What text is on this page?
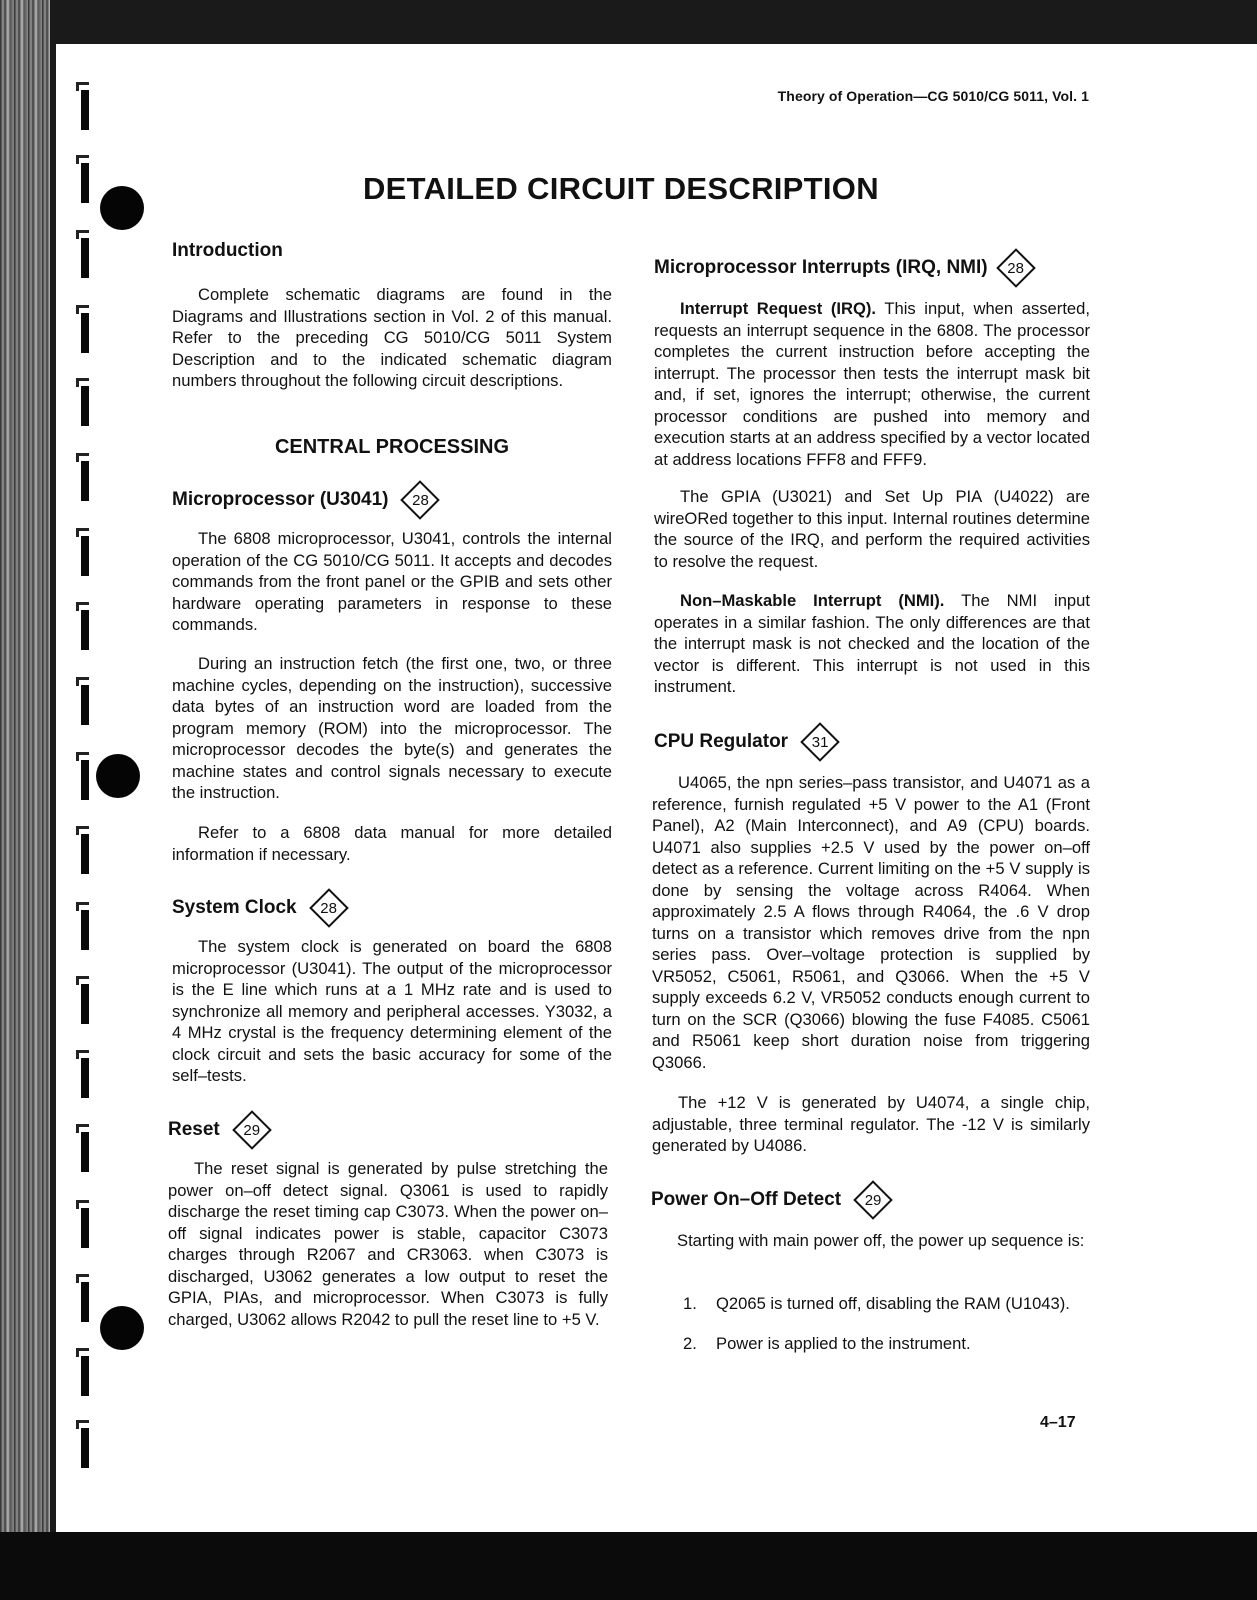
Theory of Operation—CG 5010/CG 5011, Vol. 1
DETAILED CIRCUIT DESCRIPTION
Introduction

Complete schematic diagrams are found in the Diagrams and Illustrations section in Vol. 2 of this manual. Refer to the preceding CG 5010/CG 5011 System Description and to the indicated schematic diagram numbers throughout the following circuit descriptions.

CENTRAL PROCESSING
Microprocessor (U3041)	28

The 6808 microprocessor, U3041, controls the internal operation of the CG 5010/CG 5011. It accepts and decodes commands from the front panel or the GPIB and sets other hardware operating parameters in response to these commands.

During an instruction fetch (the first one, two, or three machine cycles, depending on the instruction), successive data bytes of an instruction word are loaded from the program memory (ROM) into the microprocessor. The microprocessor decodes the byte(s) and generates the machine states and control signals necessary to execute the instruction.

Refer to a 6808 data manual for more detailed information if necessary.

System Clock	28

The system clock is generated on board the 6808 microprocessor (U3041). The output of the microprocessor is the E line which runs at a 1 MHz rate and is used to synchronize all memory and peripheral accesses. Y3032, a 4 MHz crystal is the frequency determining element of the clock circuit and sets the basic accuracy for some of the self–tests.

Reset	29

The reset signal is generated by pulse stretching the power on–off detect signal. Q3061 is used to rapidly discharge the reset timing cap C3073. When the power on–off signal indicates power is stable, capacitor C3073 charges through R2067 and CR3063. when C3073 is discharged, U3062 generates a low output to reset the GPIA, PIAs, and microprocessor. When C3073 is fully charged, U3062 allows R2042 to pull the reset line to +5 V.

Microprocessor Interrupts (IRQ, NMI)	28

Interrupt Request (IRQ). This input, when asserted, requests an interrupt sequence in the 6808. The processor completes the current instruction before accepting the interrupt. The processor then tests the interrupt mask bit and, if set, ignores the interrupt; otherwise, the current processor conditions are pushed into memory and execution starts at an address specified by a vector located at address locations FFF8 and FFF9.

The GPIA (U3021) and Set Up PIA (U4022) are wireORed together to this input. Internal routines determine the source of the IRQ, and perform the required activities to resolve the request.

Non–Maskable Interrupt (NMI). The NMI input operates in a similar fashion. The only differences are that the interrupt mask is not checked and the location of the vector is different. This interrupt is not used in this instrument.

CPU Regulator	31

U4065, the npn series–pass transistor, and U4071 as a reference, furnish regulated +5 V power to the A1 (Front Panel), A2 (Main Interconnect), and A9 (CPU) boards. U4071 also supplies +2.5 V used by the power on–off detect as a reference. Current limiting on the +5 V supply is done by sensing the voltage across R4064. When approximately 2.5 A flows through R4064, the .6 V drop turns on a transistor which removes drive from the npn series pass. Over–voltage protection is supplied by VR5052, C5061, R5061, and Q3066. When the +5 V supply exceeds 6.2 V, VR5052 conducts enough current to turn on the SCR (Q3066) blowing the fuse F4085. C5061 and R5061 keep short duration noise from triggering Q3066.

The +12 V is generated by U4074, a single chip, adjustable, three terminal regulator. The -12 V is similarly generated by U4086.

Power On–Off Detect	29

Starting with main power off, the power up sequence is:

1.	Q2065 is turned off, disabling the RAM (U1043).
2.	Power is applied to the instrument.
4–17
